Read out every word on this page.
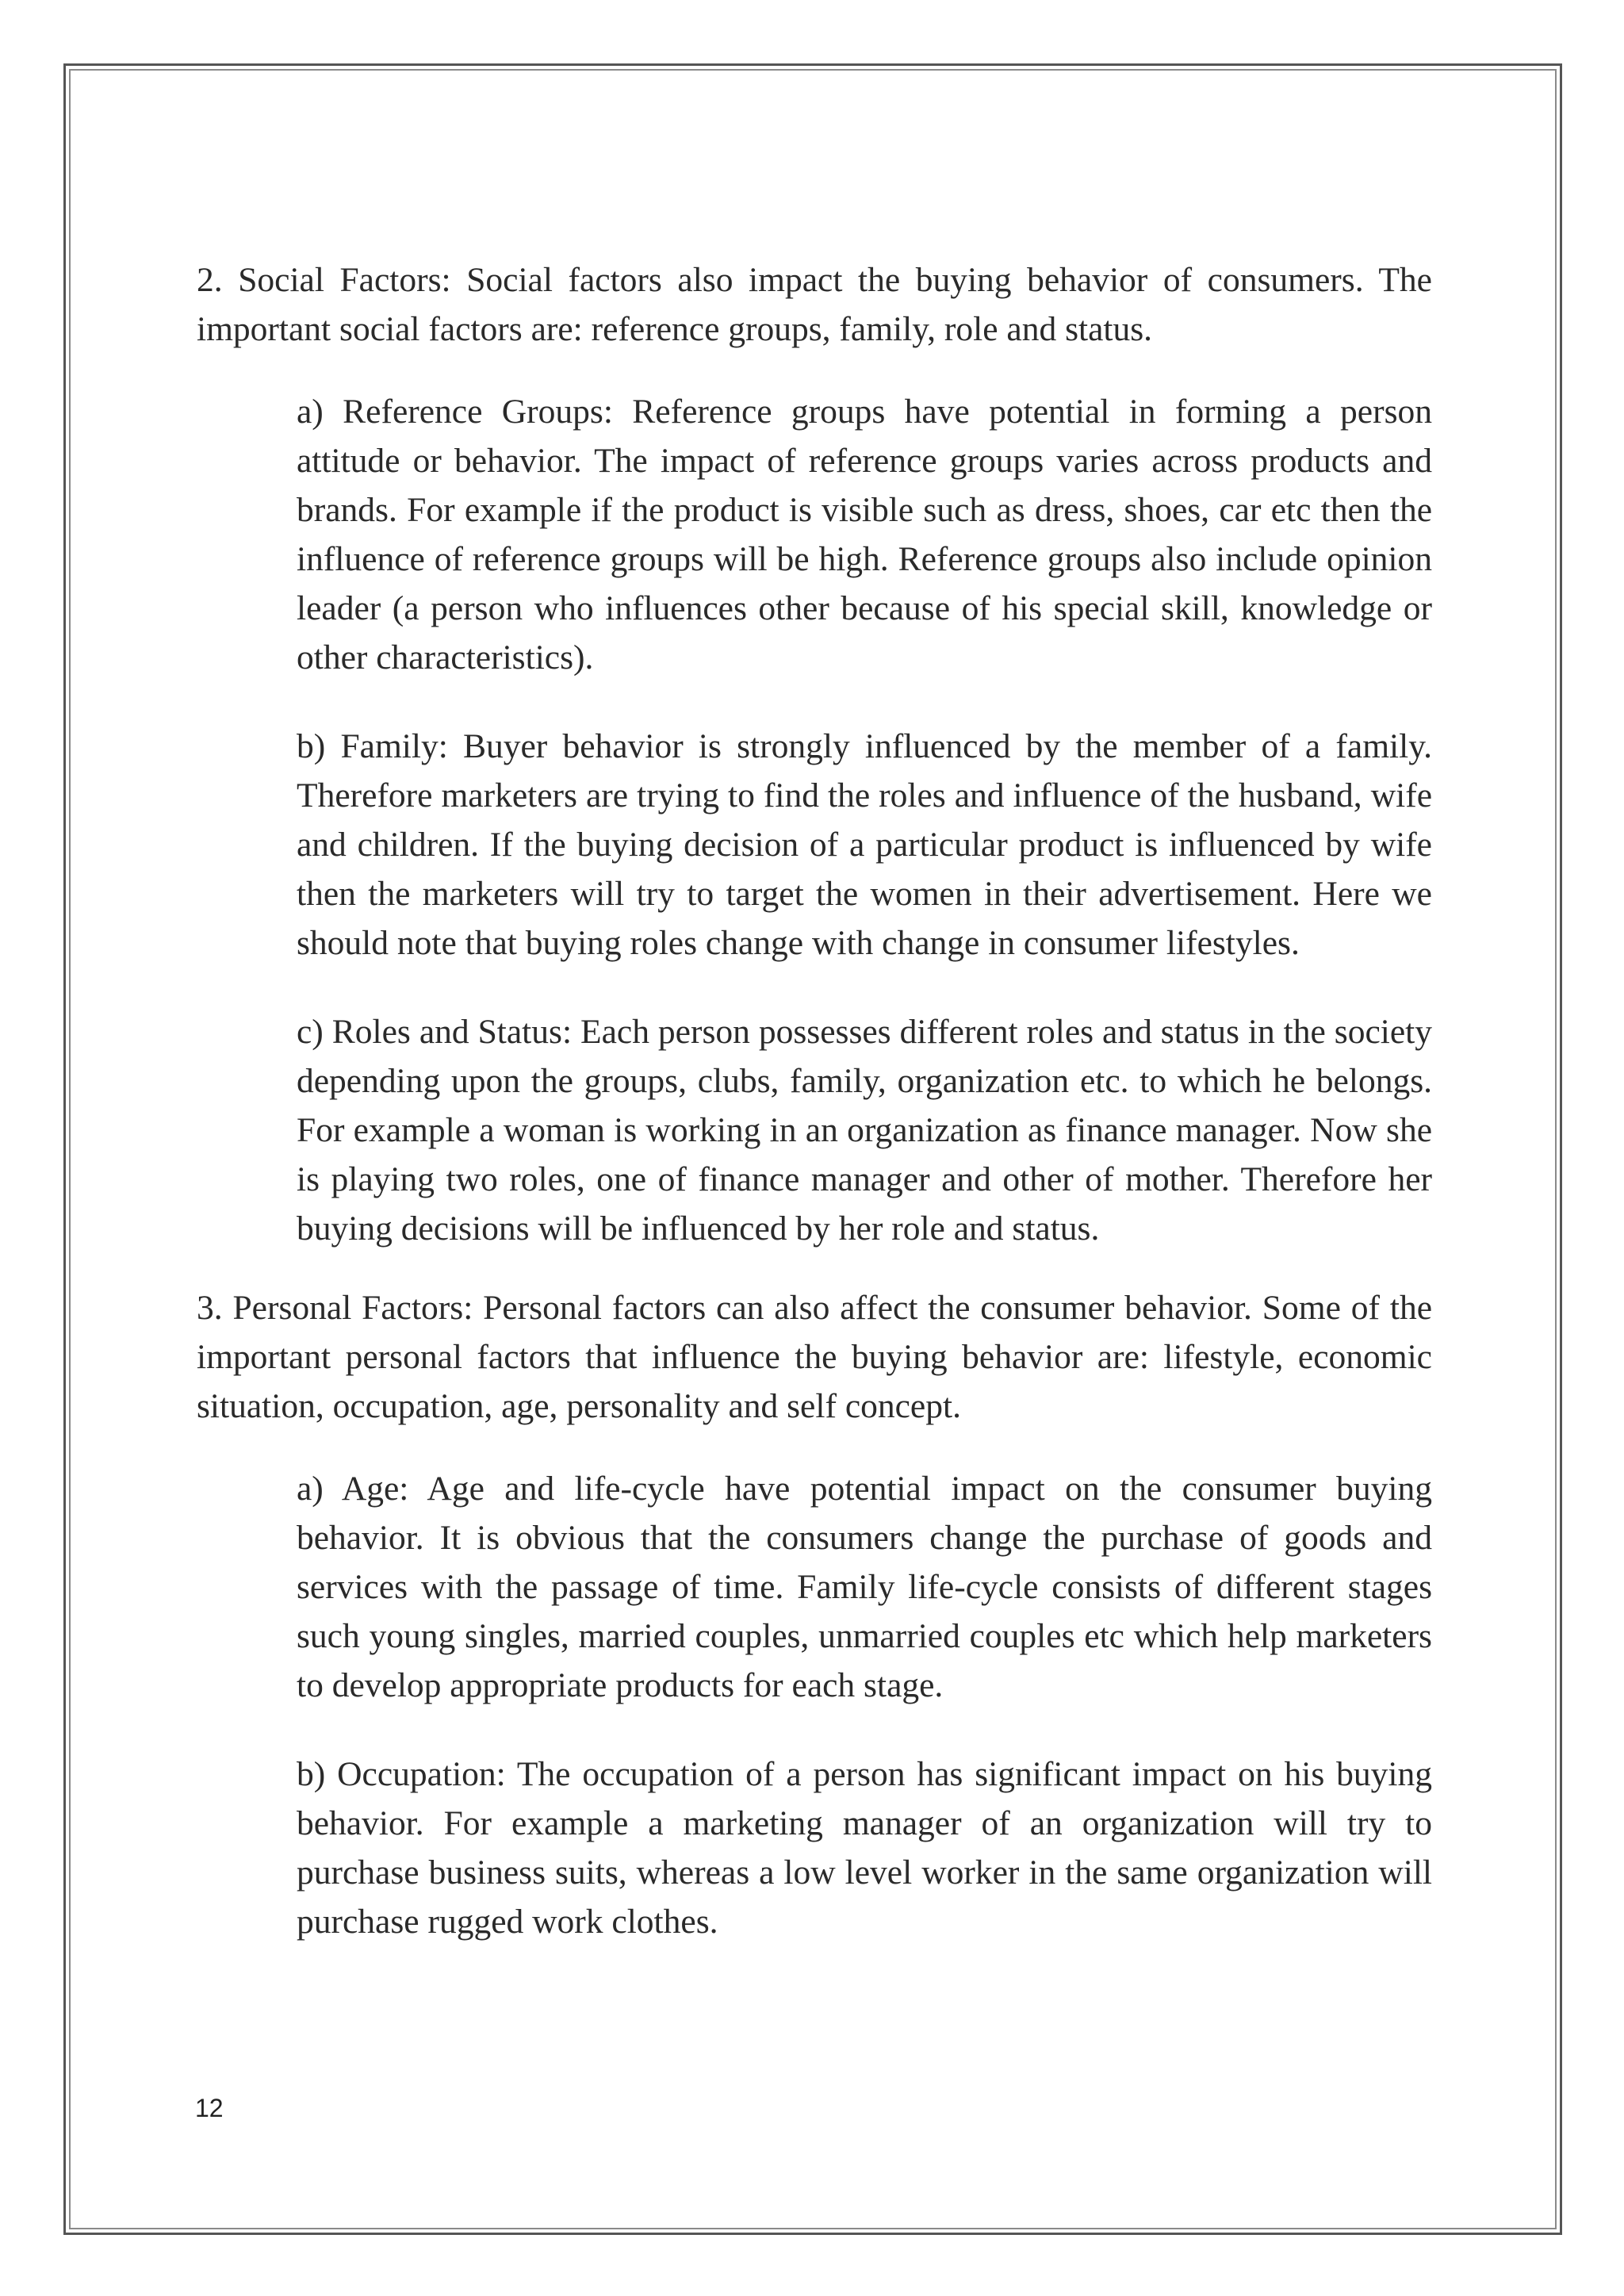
2. Social Factors: Social factors also impact the buying behavior of consumers. The important social factors are: reference groups, family, role and status.

a) Reference Groups: Reference groups have potential in forming a person attitude or behavior. The impact of reference groups varies across products and brands. For example if the product is visible such as dress, shoes, car etc then the influence of reference groups will be high. Reference groups also include opinion leader (a person who influences other because of his special skill, knowledge or other characteristics).

b) Family: Buyer behavior is strongly influenced by the member of a family. Therefore marketers are trying to find the roles and influence of the husband, wife and children. If the buying decision of a particular product is influenced by wife then the marketers will try to target the women in their advertisement. Here we should note that buying roles change with change in consumer lifestyles.

c) Roles and Status: Each person possesses different roles and status in the society depending upon the groups, clubs, family, organization etc. to which he belongs. For example a woman is working in an organization as finance manager. Now she is playing two roles, one of finance manager and other of mother. Therefore her buying decisions will be influenced by her role and status.

3. Personal Factors: Personal factors can also affect the consumer behavior. Some of the important personal factors that influence the buying behavior are: lifestyle, economic situation, occupation, age, personality and self concept.

a) Age: Age and life-cycle have potential impact on the consumer buying behavior. It is obvious that the consumers change the purchase of goods and services with the passage of time. Family life-cycle consists of different stages such young singles, married couples, unmarried couples etc which help marketers to develop appropriate products for each stage.

b) Occupation: The occupation of a person has significant impact on his buying behavior. For example a marketing manager of an organization will try to purchase business suits, whereas a low level worker in the same organization will purchase rugged work clothes.

12
